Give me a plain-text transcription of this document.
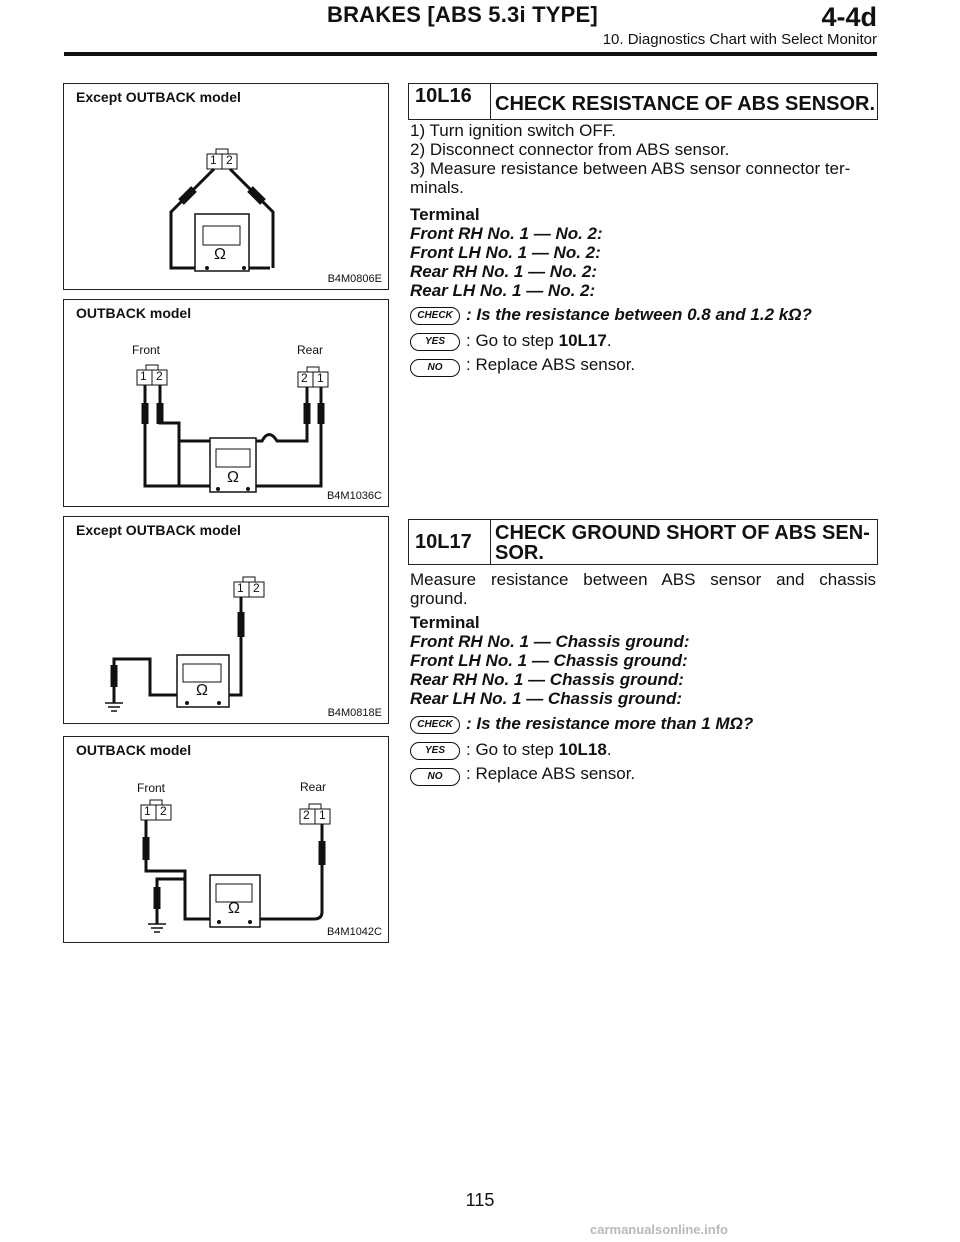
BRAKES [ABS 5.3i TYPE]	4-4d
10. Diagnostics Chart with Select Monitor
Except OUTBACK model
1 2
Ω
B4M0806E
OUTBACK model
Front	Rear
1 2	2 1
Ω
B4M1036C
Except OUTBACK model
1 2
Ω
B4M0818E
OUTBACK model
Front	Rear
1 2	2 1
Ω
B4M1042C
10L16	CHECK RESISTANCE OF ABS SENSOR.
1) Turn ignition switch OFF.
2) Disconnect connector from ABS sensor.
3) Measure resistance between ABS sensor connector ter-
minals.
Terminal
Front RH No. 1 — No. 2:
Front LH No. 1 — No. 2:
Rear RH No. 1 — No. 2:
Rear LH No. 1 — No. 2:
CHECK : Is the resistance between 0.8 and 1.2 kΩ?
YES	: Go to step 10L17.
NO	: Replace ABS sensor.
10L17	CHECK GROUND SHORT OF ABS SEN-
SOR.
Measure resistance between ABS sensor and chassis
ground.
Terminal
Front RH No. 1 — Chassis ground:
Front LH No. 1 — Chassis ground:
Rear RH No. 1 — Chassis ground:
Rear LH No. 1 — Chassis ground:
CHECK : Is the resistance more than 1 MΩ?
YES	: Go to step 10L18.
NO	: Replace ABS sensor.
115
carmanualsonline.info
